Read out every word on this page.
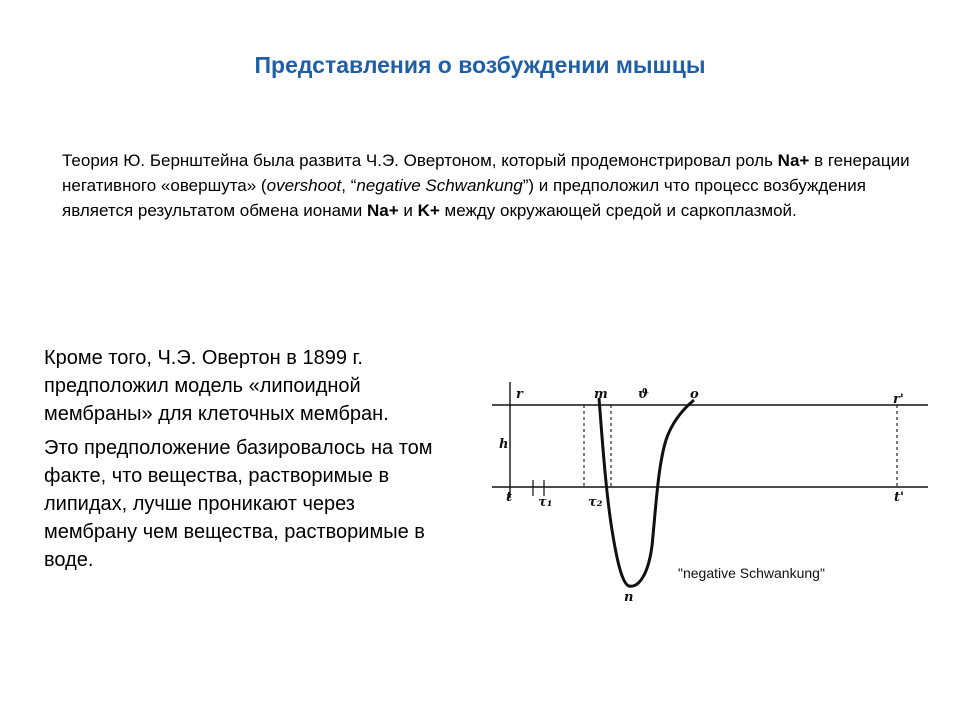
Представления о возбуждении мышцы
Теория Ю. Бернштейна была развита Ч.Э. Овертоном, который продемонстрировал роль Na+ в генерации негативного «овершута» (overshoot, “negative Schwankung”) и предположил что процесс возбуждения является результатом обмена ионами Na+ и K+ между окружающей средой и саркоплазмой.

Кроме того, Ч.Э. Овертон в 1899 г. предположил модель «липоидной мембраны» для клеточных мембран.

Это предположение базировалось на том факте, что вещества, растворимые в липидах, лучше проникают через мембрану чем вещества, растворимые в воде.

r	m ϑ	o	r'
h
t τ₁	τ₂	t'
n
"negative Schwankung"
